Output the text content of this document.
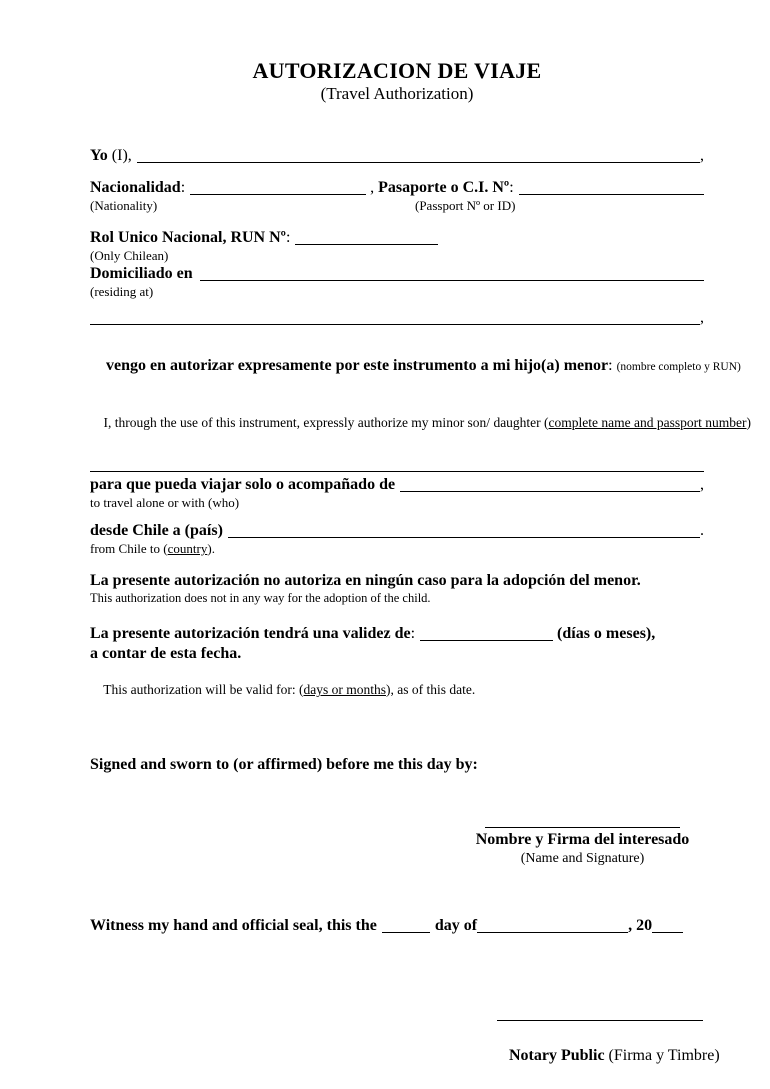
AUTORIZACION DE VIAJE
(Travel Authorization)
Yo (I),	,
Nacionalidad:	, Pasaporte o C.I. Nº:
(Nationality)	(Passport Nº or ID)
Rol Unico Nacional, RUN Nº:
(Only Chilean)
Domiciliado en
(residing at)
,

vengo en autorizar expresamente por este instrumento a mi hijo(a) menor: (nombre completo y RUN)

I, through the use of this instrument, expressly authorize my minor son/ daughter (complete name and passport number)

para que pueda viajar solo o acompañado de	,
to travel alone or with (who)
desde Chile a (país)	.
from Chile to (country).
La presente autorización no autoriza en ningún caso para la adopción del menor.
This authorization does not in any way for the adoption of the child.
La presente autorización tendrá una validez de:	(días o meses),
a contar de esta fecha.

This authorization will be valid for: (days or months), as of this date.

Signed and sworn to (or affirmed) before me this day by:
Nombre y Firma del interesado
(Name and Signature)
Witness my hand and official seal, this the	day of	, 20

Notary Public (Firma y Timbre)
